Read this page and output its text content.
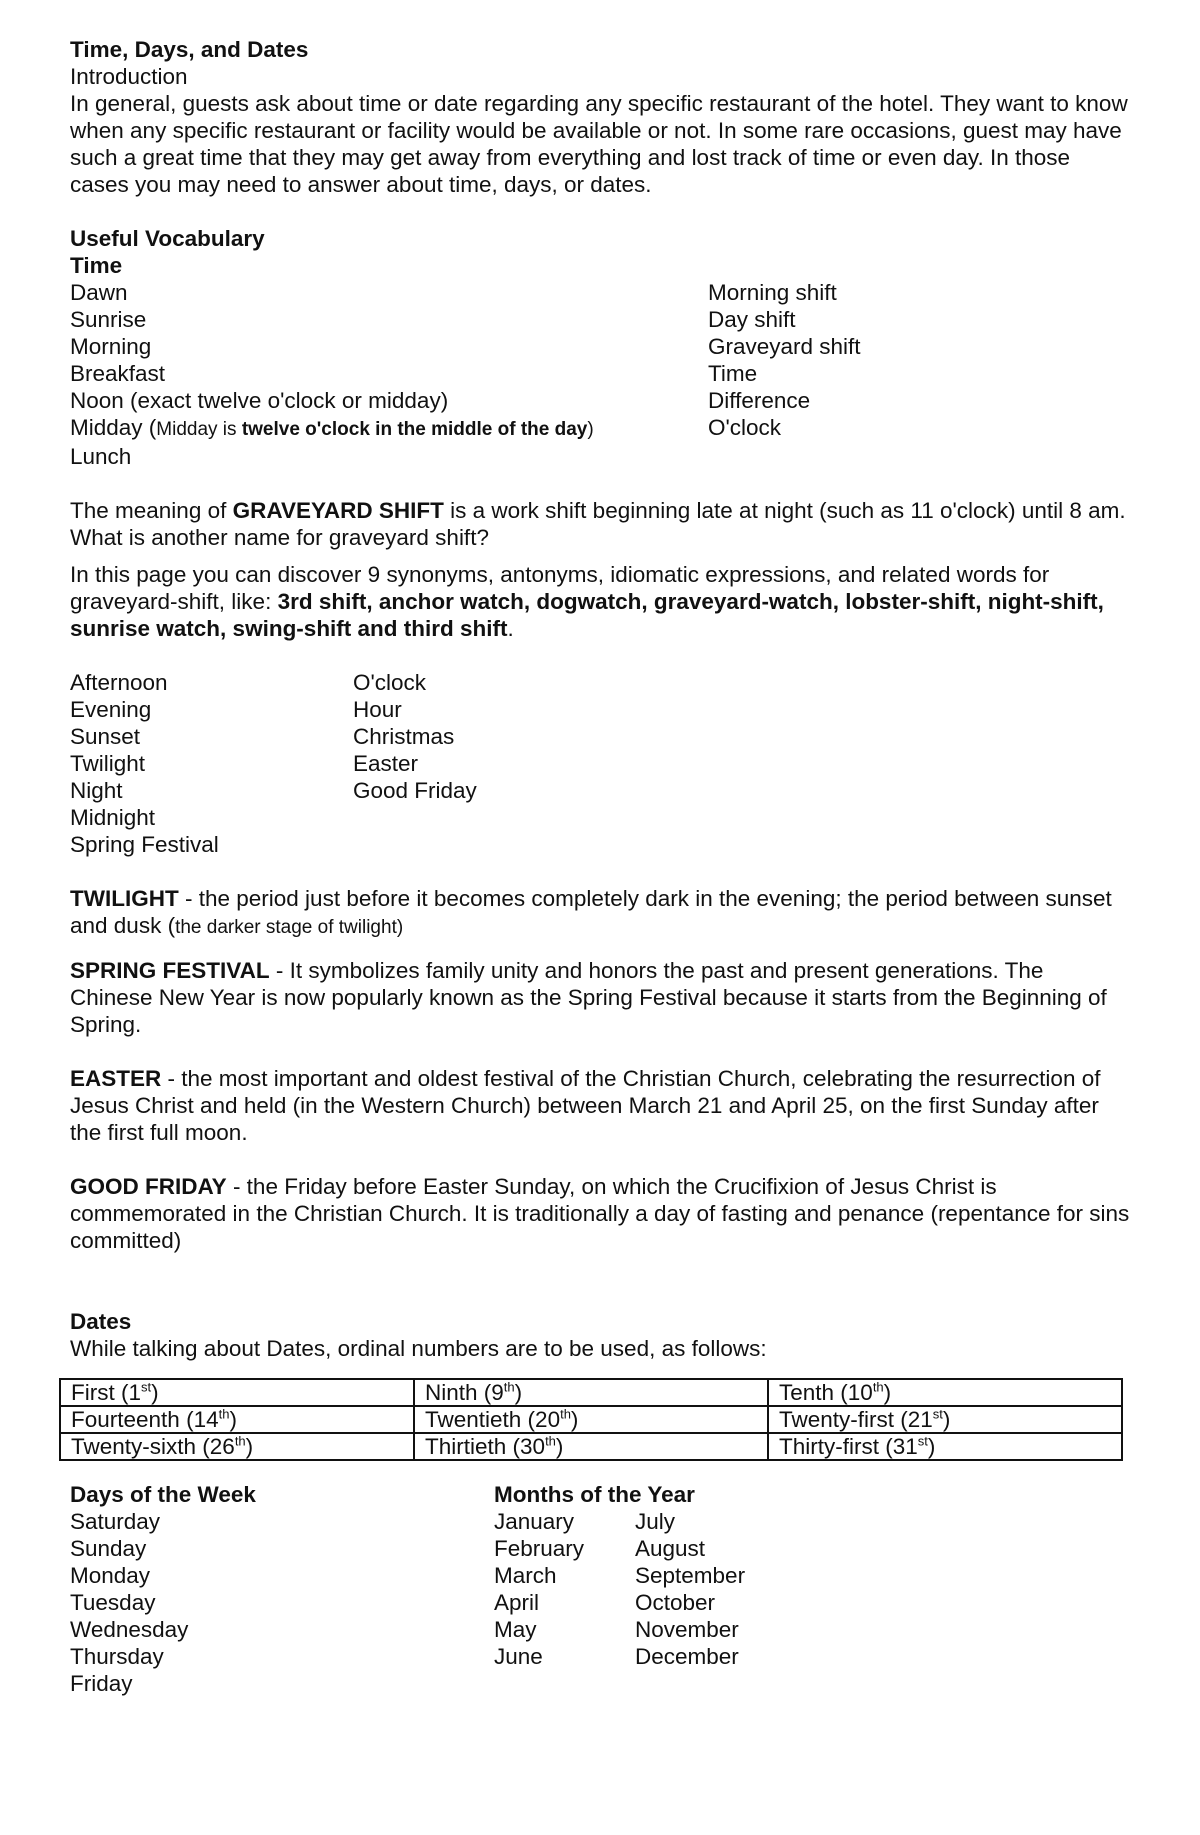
Time, Days, and Dates
Introduction

In general, guests ask about time or date regarding any specific restaurant of the hotel. They want to know when any specific restaurant or facility would be available or not. In some rare occasions, guest may have such a great time that they may get away from everything and lost track of time or even day. In those cases you may need to answer about time, days, or dates.

Useful Vocabulary
Time
Dawn
Sunrise
Morning
Breakfast
Noon (exact twelve o'clock or midday)
Midday (Midday is twelve o'clock in the middle of the day)
Lunch
Morning shift
Day shift
Graveyard shift
Time
Difference
O'clock

The meaning of GRAVEYARD SHIFT is a work shift beginning late at night (such as 11 o'clock) until 8 am.

What is another name for graveyard shift?

In this page you can discover 9 synonyms, antonyms, idiomatic expressions, and related words for graveyard-shift, like: 3rd shift, anchor watch, dogwatch, graveyard-watch, lobster-shift, night-shift, sunrise watch, swing-shift and third shift.

Afternoon
Evening
Sunset
Twilight
Night
Midnight
Spring Festival
O'clock
Hour
Christmas
Easter
Good Friday

TWILIGHT - the period just before it becomes completely dark in the evening; the period between sunset and dusk (the darker stage of twilight)

SPRING FESTIVAL - It symbolizes family unity and honors the past and present generations. The Chinese New Year is now popularly known as the Spring Festival because it starts from the Beginning of Spring.

EASTER - the most important and oldest festival of the Christian Church, celebrating the resurrection of Jesus Christ and held (in the Western Church) between March 21 and April 25, on the first Sunday after the first full moon.

GOOD FRIDAY - the Friday before Easter Sunday, on which the Crucifixion of Jesus Christ is commemorated in the Christian Church. It is traditionally a day of fasting and penance (repentance for sins committed)

Dates
While talking about Dates, ordinal numbers are to be used, as follows:
First (1st)	Ninth (9th)	Tenth (10th)
Fourteenth (14th)	Twentieth (20th)	Twenty-first (21st)
Twenty-sixth (26th)	Thirtieth (30th)	Thirty-first (31st)
Days of the Week
Saturday
Sunday
Monday
Tuesday
Wednesday
Thursday
Friday
Months of the Year
January
February
March
April
May
June
July
August
September
October
November
December
